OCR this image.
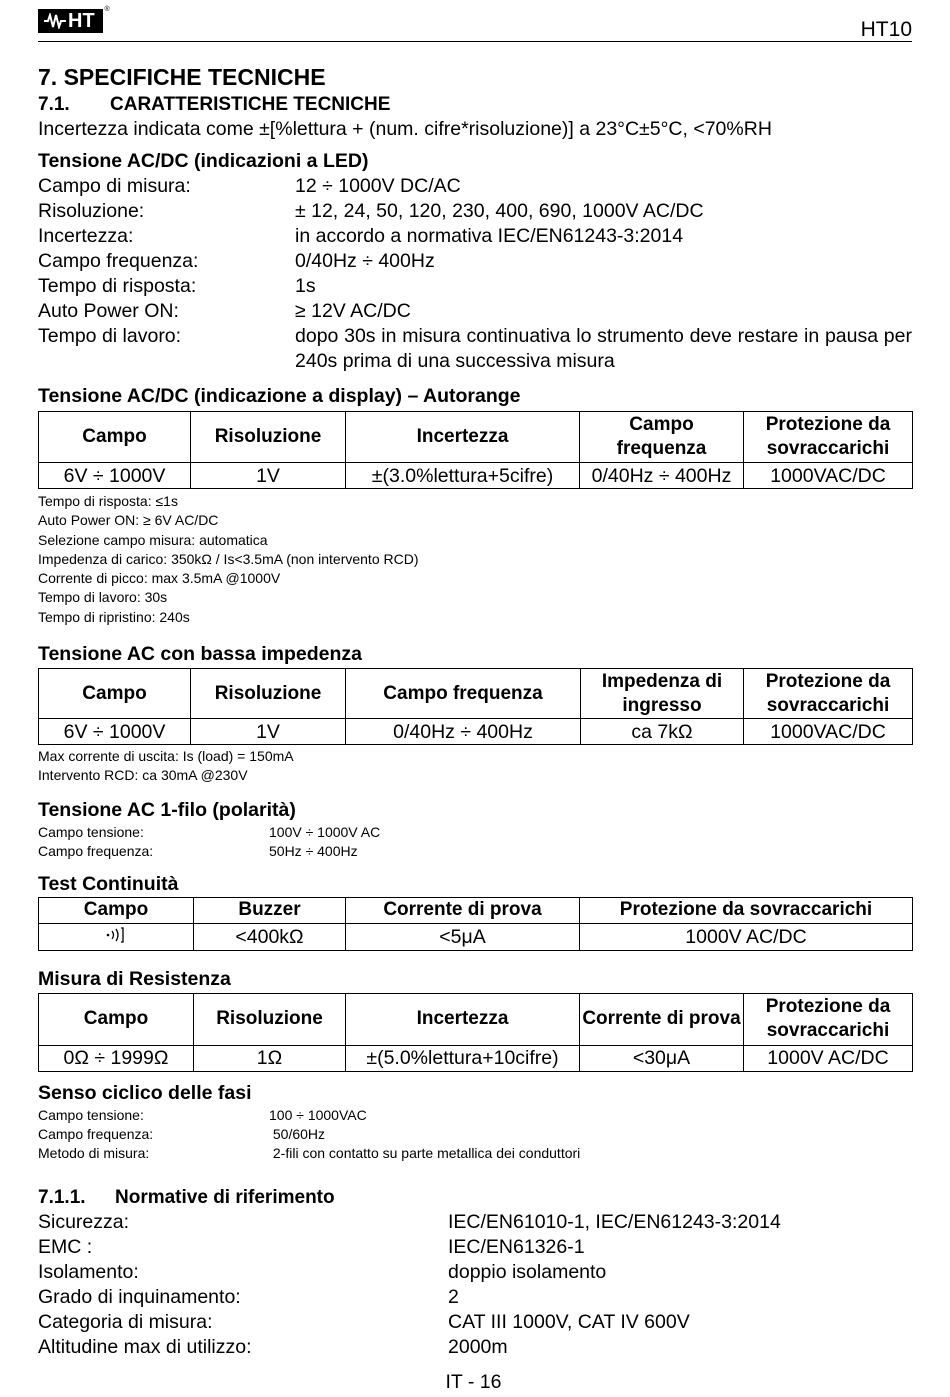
HT ®
HT10
7. SPECIFICHE TECNICHE
7.1.	CARATTERISTICHE TECNICHE
Incertezza indicata come ±[%lettura + (num. cifre*risoluzione)] a 23°C±5°C, <70%RH
Tensione AC/DC (indicazioni a LED)
Campo di misura:	12 ÷ 1000V DC/AC
Risoluzione:	± 12, 24, 50, 120, 230, 400, 690, 1000V AC/DC
Incertezza:	in accordo a normativa IEC/EN61243-3:2014
Campo frequenza:	0/40Hz ÷ 400Hz
Tempo di risposta:	1s
Auto Power ON:	≥ 12V AC/DC
Tempo di lavoro:	dopo 30s in misura continuativa lo strumento deve restare in pausa per 240s prima di una successiva misura
Tensione AC/DC (indicazione a display) – Autorange
Campo	Risoluzione	Incertezza	Campo frequenza	Protezione da sovraccarichi
6V ÷ 1000V	1V	±(3.0%lettura+5cifre)	0/40Hz ÷ 400Hz	1000VAC/DC
Tempo di risposta: ≤1s
Auto Power ON: ≥ 6V AC/DC
Selezione campo misura: automatica
Impedenza di carico: 350kΩ / Is<3.5mA (non intervento RCD)
Corrente di picco: max 3.5mA @1000V
Tempo di lavoro: 30s
Tempo di ripristino: 240s
Tensione AC con bassa impedenza
Campo	Risoluzione	Campo frequenza	Impedenza di ingresso	Protezione da sovraccarichi
6V ÷ 1000V	1V	0/40Hz ÷ 400Hz	ca 7kΩ	1000VAC/DC
Max corrente di uscita: Is (load) = 150mA
Intervento RCD: ca 30mA @230V
Tensione AC 1-filo (polarità)
Campo tensione:	100V ÷ 1000V AC
Campo frequenza:	50Hz ÷ 400Hz
Test Continuità
Campo	Buzzer	Corrente di prova	Protezione da sovraccarichi
	<400kΩ	<5μA	1000V AC/DC
Misura di Resistenza
Campo	Risoluzione	Incertezza	Corrente di prova	Protezione da sovraccarichi
0Ω ÷ 1999Ω	1Ω	±(5.0%lettura+10cifre)	<30μA	1000V AC/DC
Senso ciclico delle fasi
Campo tensione:	100 ÷ 1000VAC
Campo frequenza:	50/60Hz
Metodo di misura:	2-fili con contatto su parte metallica dei conduttori
7.1.1.	Normative di riferimento
Sicurezza:	IEC/EN61010-1, IEC/EN61243-3:2014
EMC :	IEC/EN61326-1
Isolamento:	doppio isolamento
Grado di inquinamento:	2
Categoria di misura:	CAT III 1000V, CAT IV 600V
Altitudine max di utilizzo:	2000m
IT - 16
